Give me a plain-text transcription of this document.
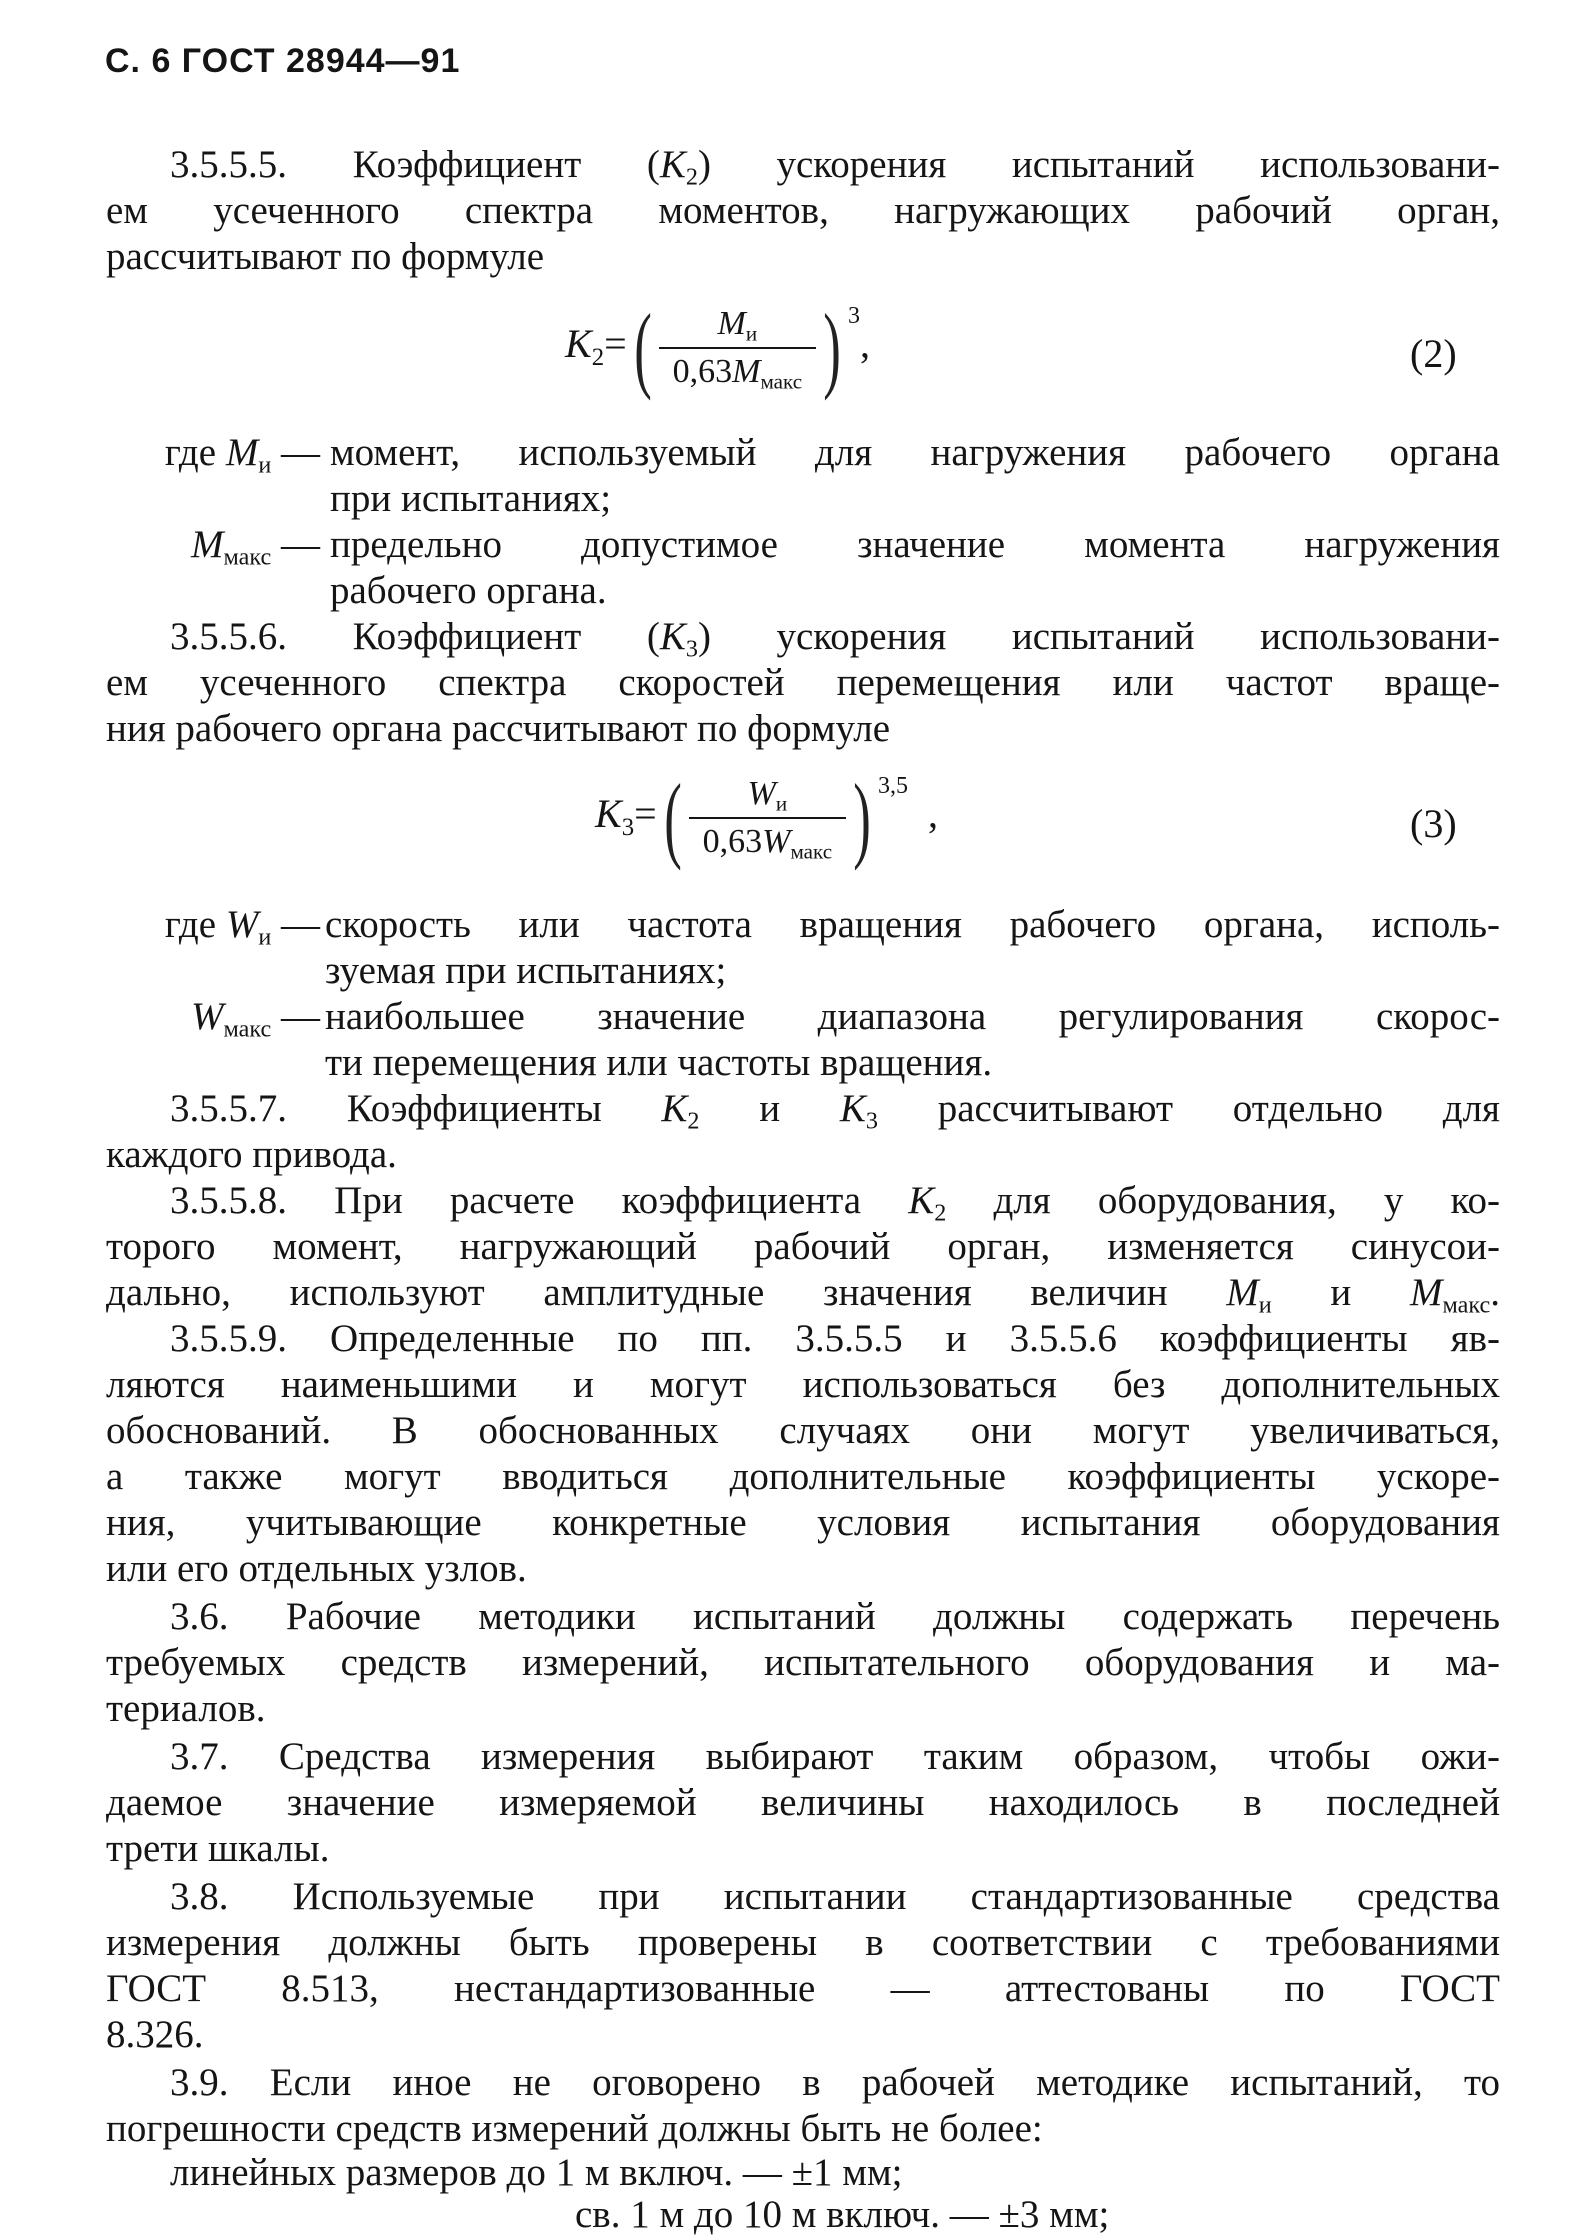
С. 6 ГОСТ 28944—91
3.5.5.5. Коэффициент $(K_2)$ ускорения испытаний использовани-
ем усеченного спектра моментов, нагружающих рабочий орган,
рассчитывают по формуле
$K_2=( \frac{M_и}{0,63M_{макс}}$ ) $^3$,	(2)
где $M_и$ — момент, используемый для нагружения рабочего органа
при испытаниях;
$M_{макс}$ — предельно допустимое значение момента нагружения
рабочего органа.
3.5.5.6. Коэффициент $(K_3)$ ускорения испытаний использовани-
ем усеченного спектра скоростей перемещения или частот враще-
ния рабочего органа рассчитывают по формуле
$K_3=( \frac{W_и}{0,63W_{макс}}$ ) $^{3,5}$  ,	(3)
где $W_и$ — скорость или частота вращения рабочего органа, исполь-
зуемая при испытаниях;
$W_{макс}$ — наибольшее значение диапазона регулирования скорос-
ти перемещения или частоты вращения.
3.5.5.7. Коэффициенты $K_2$ и $K_3$ рассчитывают отдельно для
каждого привода.
3.5.5.8. При расчете коэффициента $K_2$ для оборудования, у ко-
торого момент, нагружающий рабочий орган, изменяется синусои-
дально, используют амплитудные значения величин $M_и$ и $M_{макс}$.
3.5.5.9. Определенные по пп. 3.5.5.5 и 3.5.5.6 коэффициенты яв-
ляются наименьшими и могут использоваться без дополнительных
обоснований. В обоснованных случаях они могут увеличиваться,
а также могут вводиться дополнительные коэффициенты ускоре-
ния, учитывающие конкретные условия испытания оборудования
или его отдельных узлов.
3.6. Рабочие методики испытаний должны содержать перечень
требуемых средств измерений, испытательного оборудования и ма-
териалов.
3.7. Средства измерения выбирают таким образом, чтобы ожи-
даемое значение измеряемой величины находилось в последней
трети шкалы.
3.8. Используемые при испытании стандартизованные средства
измерения должны быть проверены в соответствии с требованиями
ГОСТ 8.513, нестандартизованные — аттестованы по ГОСТ
8.326.
3.9. Если иное не оговорено в рабочей методике испытаний, то
погрешности средств измерений должны быть не более:
линейных размеров до 1 м включ. — ±1 мм;
св. 1 м до 10 м включ. — ±3 мм;
